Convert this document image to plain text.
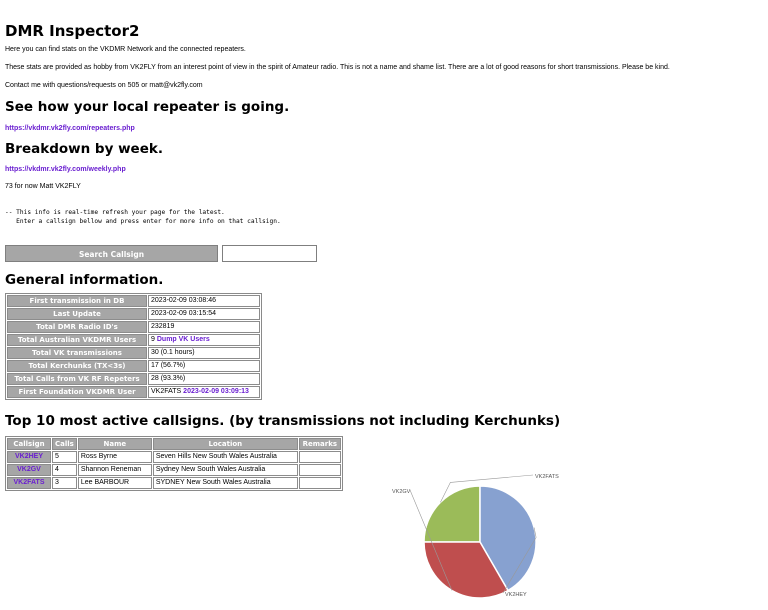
DMR Inspector2

Here you can find stats on the VKDMR Network and the connected repeaters.

These stats are provided as hobby from VK2FLY from an interest point of view in the spirit of Amateur radio. This is not a name and shame list. There are a lot of good reasons for short transmissions. Please be kind.

Contact me with questions/requests on 505 or matt@vk2fly.com

See how your local repeater is going.
https://vkdmr.vk2fly.com/repeaters.php
Breakdown by week.
https://vkdmr.vk2fly.com/weekly.php

73 for now Matt VK2FLY

-- This info is real-time refresh your page for the latest.
Enter a callsign bellow and press enter for more info on that callsign.
Search Callsign
General information.
First transmission in DB	2023-02-09 03:08:46
Last Update	2023-02-09 03:15:54
Total DMR Radio ID's	232819
Total Australian VKDMR Users	9 Dump VK Users
Total VK transmissions	30 (0.1 hours)
Total Kerchunks (TX<3s)	17 (56.7%)
Total Calls from VK RF Repeters	28 (93.3%)
First Foundation VKDMR User	VK2FATS 2023-02-09 03:09:13
Top 10 most active callsigns. (by transmissions not including Kerchunks)
Callsign	Calls	Name	Location	Remarks
VK2HEY	5	Ross Byrne	Seven Hills New South Wales Australia	
VK2GV	4	Shannon Reneman	Sydney New South Wales Australia	
VK2FATS	3	Lee BARBOUR	SYDNEY New South Wales Australia	
VK2FATS
VK2HEY
VK2GV
